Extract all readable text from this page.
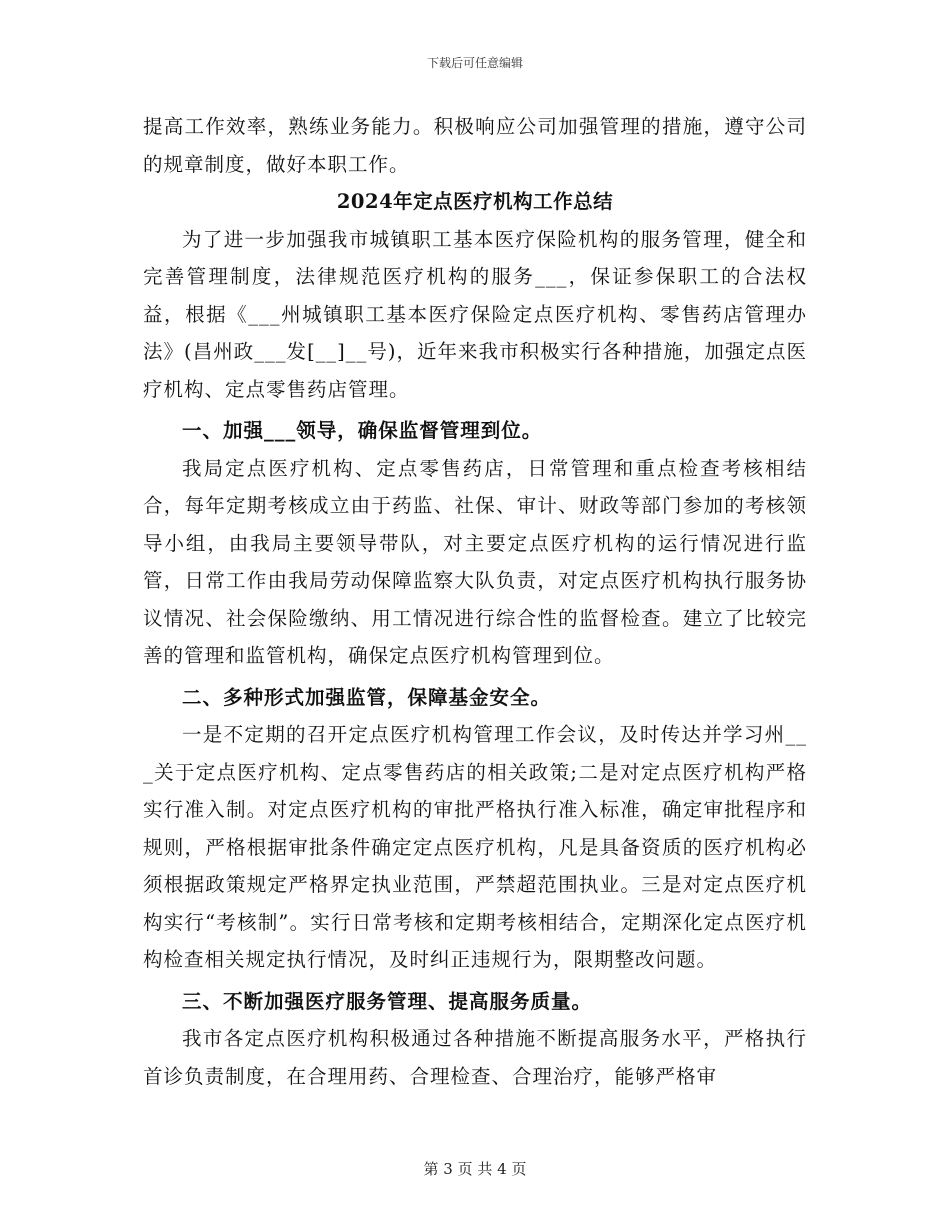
下载后可任意编辑

提高工作效率，熟练业务能力。积极响应公司加强管理的措施，遵守公司的规章制度，做好本职工作。

2024年定点医疗机构工作总结

为了进一步加强我市城镇职工基本医疗保险机构的服务管理，健全和完善管理制度，法律规范医疗机构的服务___，保证参保职工的合法权益，根据《___州城镇职工基本医疗保险定点医疗机构、零售药店管理办法》(昌州政___发[__]__号)，近年来我市积极实行各种措施，加强定点医疗机构、定点零售药店管理。

一、加强___领导，确保监督管理到位。

我局定点医疗机构、定点零售药店，日常管理和重点检查考核相结合，每年定期考核成立由于药监、社保、审计、财政等部门参加的考核领导小组，由我局主要领导带队，对主要定点医疗机构的运行情况进行监管，日常工作由我局劳动保障监察大队负责，对定点医疗机构执行服务协议情况、社会保险缴纳、用工情况进行综合性的监督检查。建立了比较完善的管理和监管机构，确保定点医疗机构管理到位。

二、多种形式加强监管，保障基金安全。

一是不定期的召开定点医疗机构管理工作会议，及时传达并学习州___关于定点医疗机构、定点零售药店的相关政策;二是对定点医疗机构严格实行准入制。对定点医疗机构的审批严格执行准入标准，确定审批程序和规则，严格根据审批条件确定定点医疗机构，凡是具备资质的医疗机构必须根据政策规定严格界定执业范围，严禁超范围执业。三是对定点医疗机构实行“考核制”。实行日常考核和定期考核相结合，定期深化定点医疗机构检查相关规定执行情况，及时纠正违规行为，限期整改问题。

三、不断加强医疗服务管理、提高服务质量。

我市各定点医疗机构积极通过各种措施不断提高服务水平，严格执行首诊负责制度，在合理用药、合理检查、合理治疗，能够严格审

第 3 页 共 4 页
